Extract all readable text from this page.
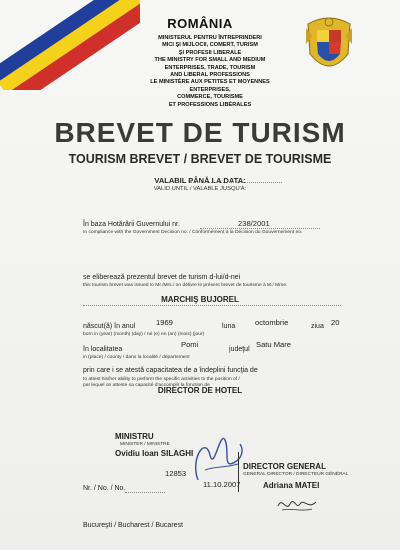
ROMÂNIA
MINISTERUL PENTRU ÎNTREPRINDERI
MICI ŞI MIJLOCII, COMERT, TURISM
ŞI PROFESII LIBERALE
THE MINISTRY FOR SMALL AND MEDIUM
ENTERPRISES, TRADE, TOURISM
AND LIBERAL PROFESSIONS
LE MINISTÈRE AUX PETITES ET MOYENNES
ENTERPRISES,
COMMERCE, TOURISME
ET PROFESSIONS LIBÉRALES
BREVET DE TURISM
TOURISM BREVET / BREVET DE TOURISME
VALABIL PÂNĂ LA DATA:
VALID UNTIL / VALABLE JUSQU'À:
În baza Hotărârii Guvernului nr.	238/2001
In compliance with the Government Decision no. / Conformément à la Décision du Gouvernement no.
se eliberează prezentul brevet de turism d-lui/d-nei
this tourism brevet was issued to Mr./Mrs./ on délivre le présent brevet de tourisme à M./ Mme.
MARCHIŞ BUJOREL
născut(ă) în anul	1969	luna	octombrie	ziua 20
born in (year) (month) (day) / né (e) en (an) (mois) (jour)
în localitatea
Pomi
judeţul
Satu Mare
in (place) / county / dans la localité / département
prin care i se atestă capacitatea de a îndeplini funcţia de
to attest his/her ability to perform the specific activities to the position of /
par lequel on atteste sa capacité d'accomplir la fonction de
DIRECTOR DE HOTEL
MINISTRU
MINISTER / MINISTRE
Ovidiu Ioan SILAGHI
12853
11.10.2007
DIRECTOR GENERAL
GENERAL DIRECTOR / DIRECTEUR GÉNÉRAL
Adriana MATEI
Nr. / No. / No.
Bucureşti / Bucharest / Bucarest
